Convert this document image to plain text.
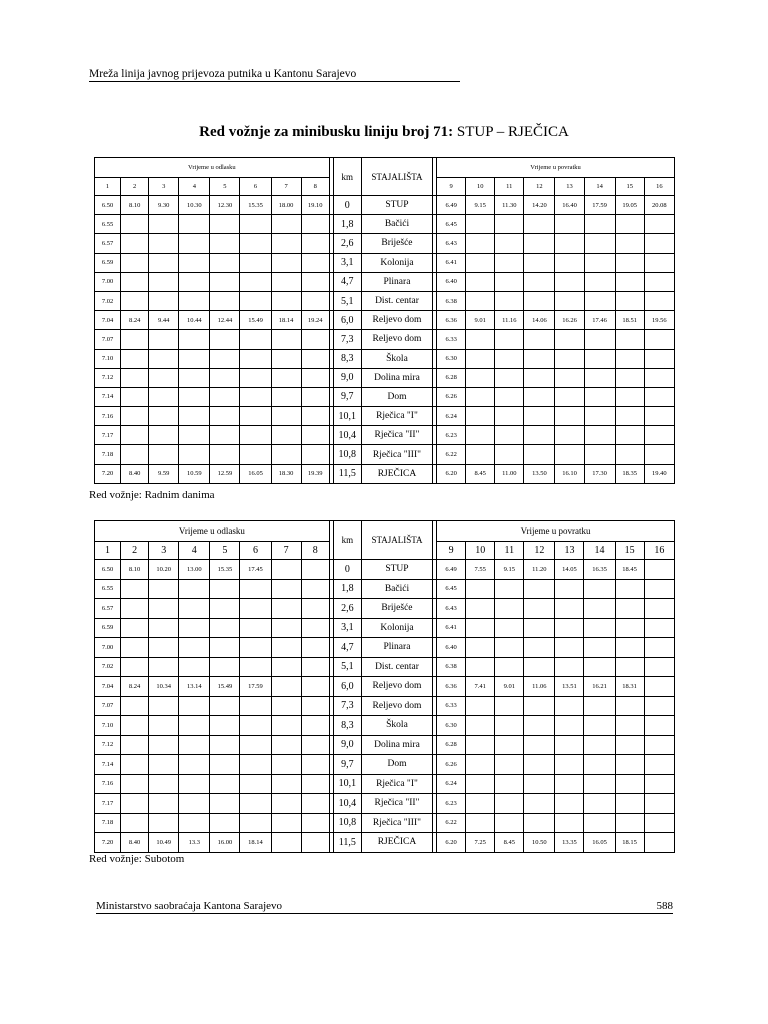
Mreža linija javnog prijevoza putnika u Kantonu Sarajevo
Red vožnje za minibusku liniju broj 71: STUP – RJEČICA
Vrijeme u odlasku									km	STAJALIŠTA		Vrijeme u povratku							
1	2	3	4	5	6	7	8					9	10	11	12	13	14	15	16
6.50	8.10	9.30	10.30	12.30	15.35	18.00	19.10		0	STUP		6.49	9.15	11.30	14.20	16.40	17.59	19.05	20.08
6.55									1,8	Bačići		6.45							
6.57									2,6	Briješće		6.43							
6.59									3,1	Kolonija		6.41							
7.00									4,7	Plinara		6.40							
7.02									5,1	Dist. centar		6.38							
7.04	8.24	9.44	10.44	12.44	15.49	18.14	19.24		6,0	Reljevo dom		6.36	9.01	11.16	14.06	16.26	17.46	18.51	19.56
7.07									7,3	Reljevo dom		6.33							
7.10									8,3	Škola		6.30							
7.12									9,0	Dolina mira		6.28							
7.14									9,7	Dom		6.26							
7.16									10,1	Rječica "I"		6.24							
7.17									10,4	Rječica "II"		6.23							
7.18									10,8	Rječica "III"		6.22							
7.20	8.40	9.59	10.59	12.59	16.05	18.30	19.39		11,5	RJEČICA		6.20	8.45	11.00	13.50	16.10	17.30	18.35	19.40
Red vožnje: Radnim danima
Vrijeme u odlasku									km	STAJALIŠTA		Vrijeme u povratku							
1	2	3	4	5	6	7	8					9	10	11	12	13	14	15	16
6.50	8.10	10.20	13.00	15.35	17.45				0	STUP		6.49	7.55	9.15	11.20	14.05	16.35	18.45	
6.55									1,8	Bačići		6.45							
6.57									2,6	Briješće		6.43							
6.59									3,1	Kolonija		6.41							
7.00									4,7	Plinara		6.40							
7.02									5,1	Dist. centar		6.38							
7.04	8.24	10.34	13.14	15.49	17.59				6,0	Reljevo dom		6.36	7.41	9.01	11.06	13.51	16.21	18.31	
7.07									7,3	Reljevo dom		6.33							
7.10									8,3	Škola		6.30							
7.12									9,0	Dolina mira		6.28							
7.14									9,7	Dom		6.26							
7.16									10,1	Rječica "I"		6.24							
7.17									10,4	Rječica "II"		6.23							
7.18									10,8	Rječica "III"		6.22							
7.20	8.40	10.49	13.3	16.00	18.14				11,5	RJEČICA		6.20	7.25	8.45	10.50	13.35	16.05	18.15	
Red vožnje: Subotom
Ministarstvo saobraćaja Kantona Sarajevo	588
